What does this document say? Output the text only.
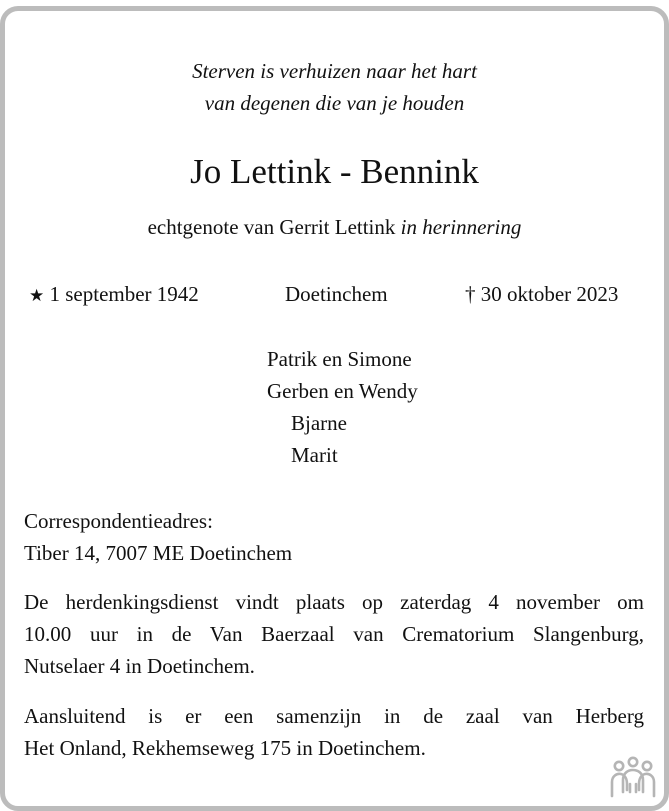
Sterven is verhuizen naar het hart
van degenen die van je houden
Jo Lettink - Bennink
echtgenote van Gerrit Lettink in herinnering
★ 1 september 1942	Doetinchem	† 30 oktober 2023
Patrik en Simone
Gerben en Wendy
Bjarne
Marit
Correspondentieadres:
Tiber 14, 7007 ME Doetinchem
De herdenkingsdienst vindt plaats op zaterdag 4 november om
10.00 uur in de Van Baerzaal van Crematorium Slangenburg,
Nutselaer 4 in Doetinchem.
Aansluitend is er een samenzijn in de zaal van Herberg
Het Onland, Rekhemseweg 175 in Doetinchem.
